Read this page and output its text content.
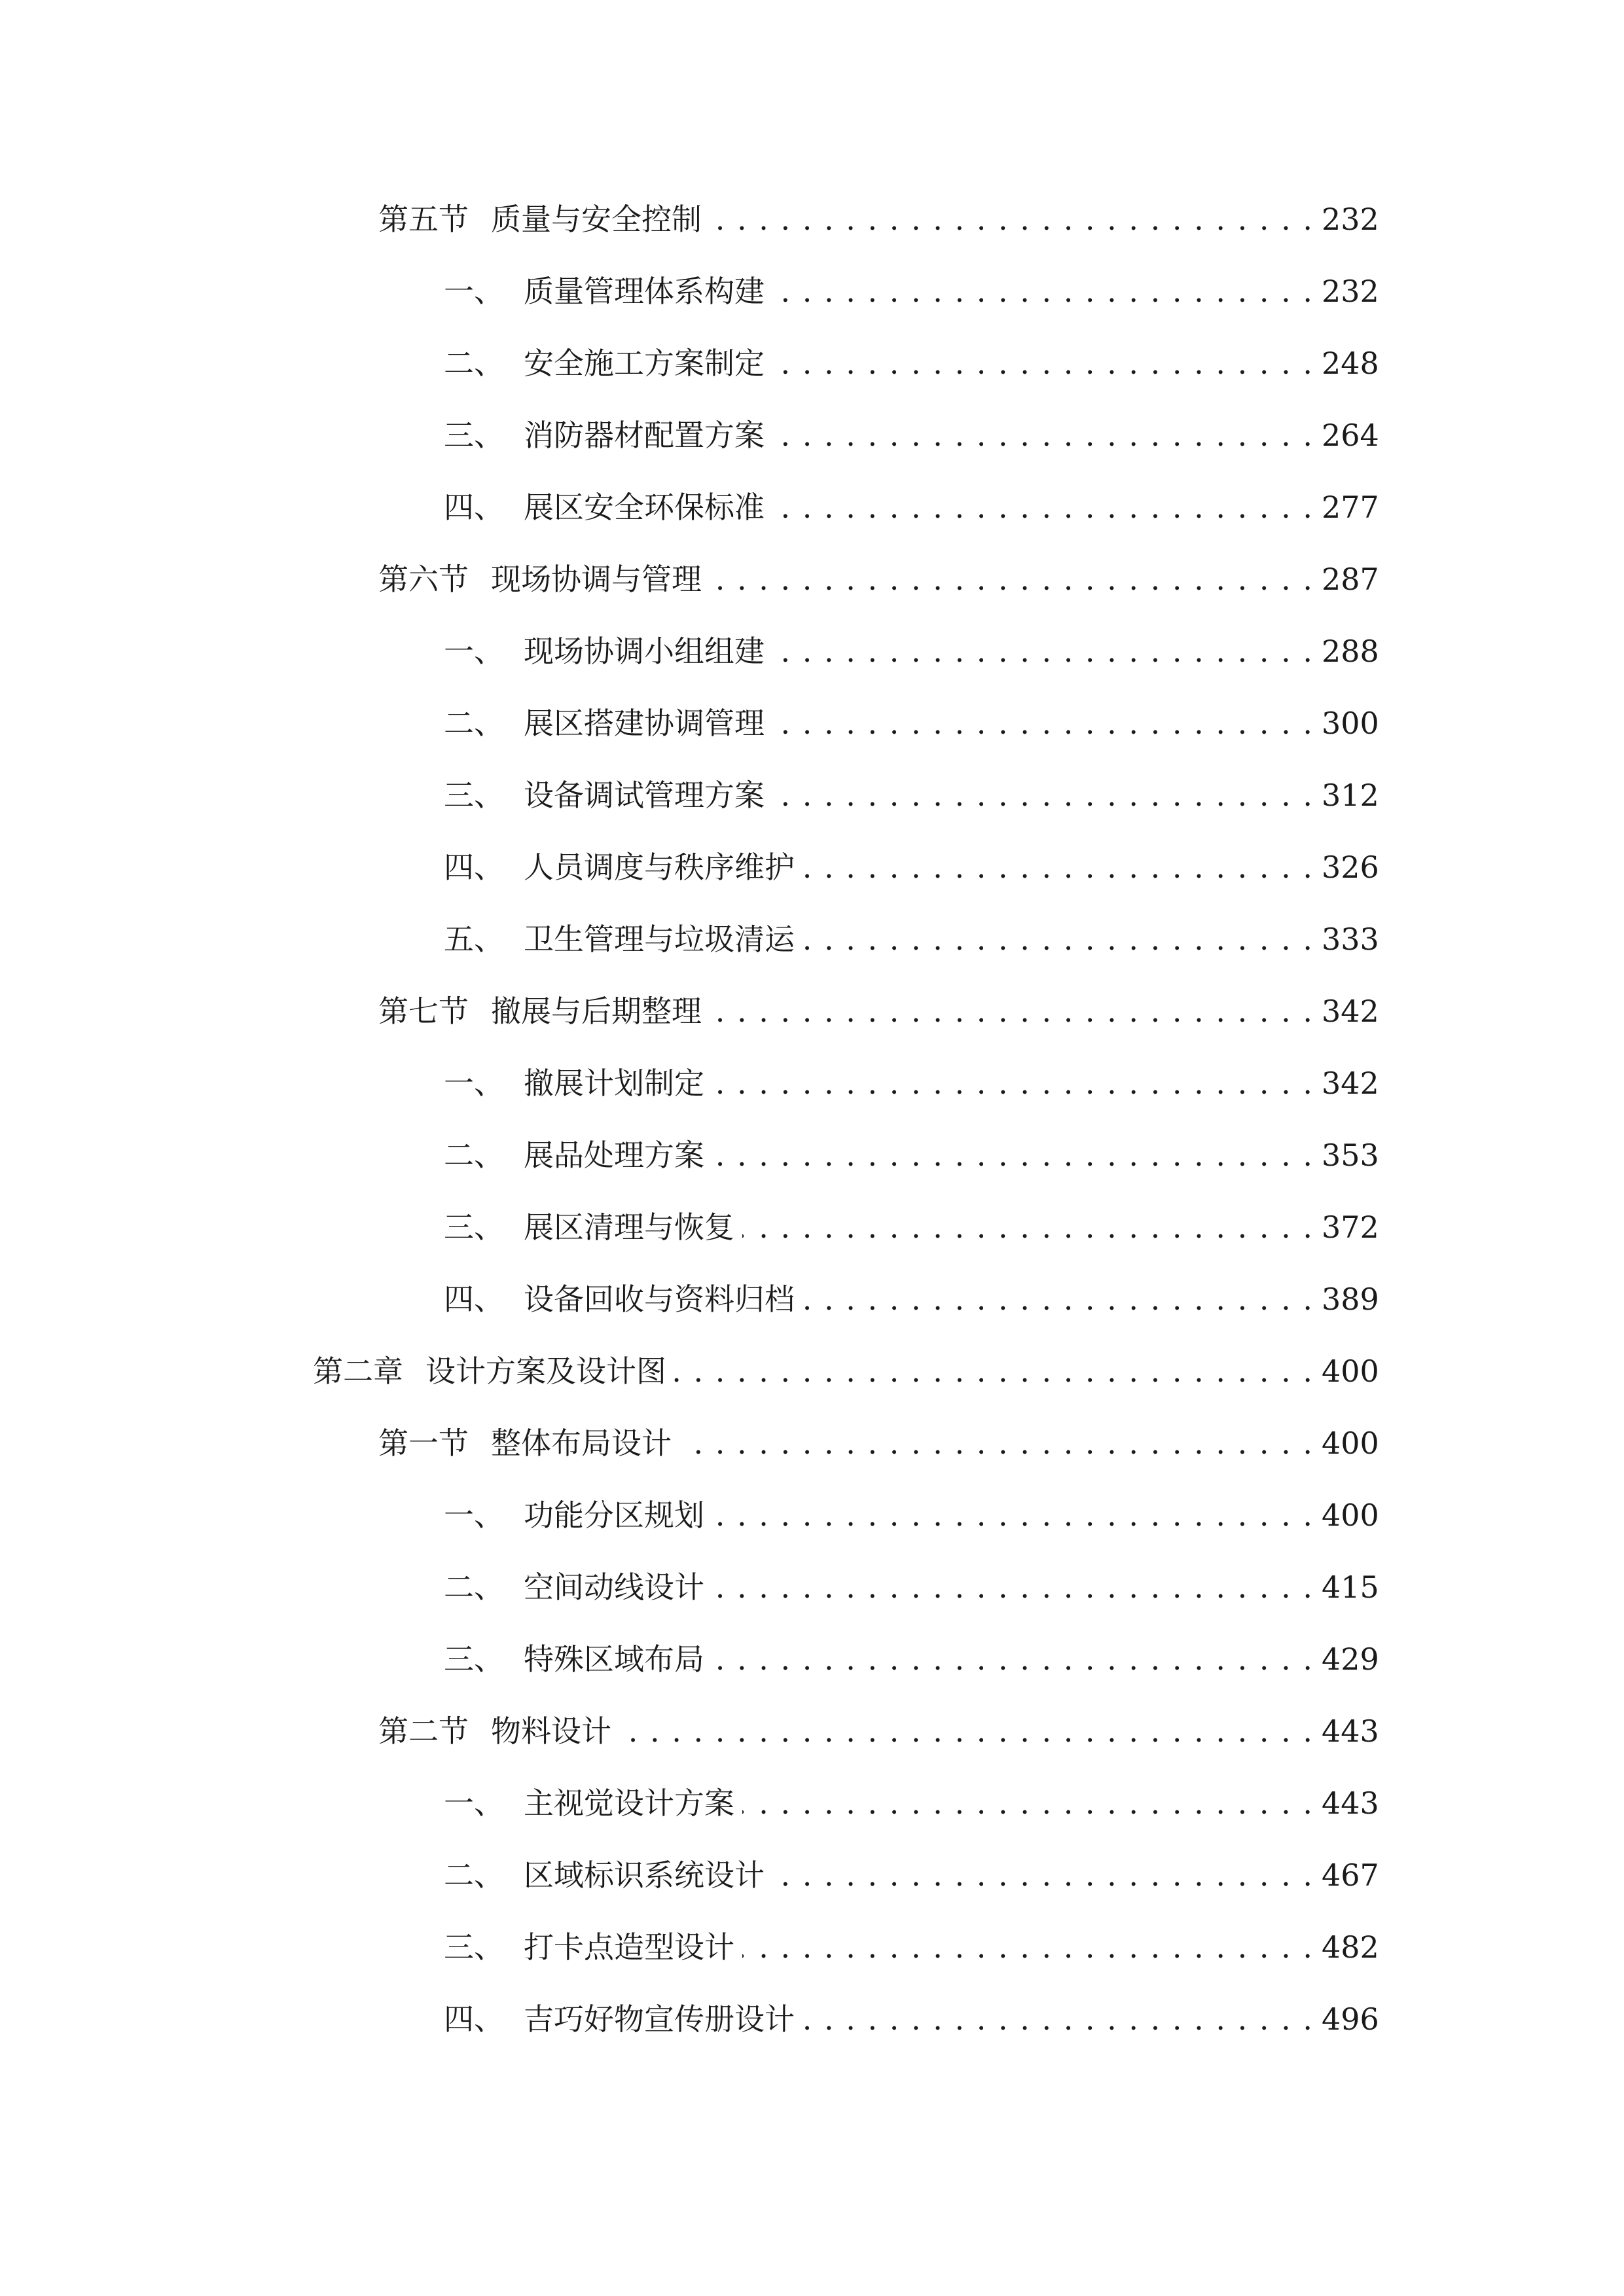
第五节 质量与安全控制 . . .	232
一、 质量管理体系构建 . . .	232
二、 安全施工方案制定 . . .	248
三、 消防器材配置方案 . . .	264
四、 展区安全环保标准 . . .	277
第六节 现场协调与管理 . . .	287
一、 现场协调小组组建 . . .	288
二、 展区搭建协调管理 . . .	300
三、 设备调试管理方案 . . .	312
四、 人员调度与秩序维护 . . .	326
五、 卫生管理与垃圾清运 . . .	333
第七节 撤展与后期整理 . . .	342
一、 撤展计划制定 . . .	342
二、 展品处理方案 . . .	353
三、 展区清理与恢复 . . .	372
四、 设备回收与资料归档 . . .	389
第二章 设计方案及设计图 . . .	400
第一节 整体布局设计 . . .	400
一、 功能分区规划 . . .	400
二、 空间动线设计 . . .	415
三、 特殊区域布局 . . .	429
第二节 物料设计 . . .	443
一、 主视觉设计方案 . . .	443
二、 区域标识系统设计 . . .	467
三、 打卡点造型设计 . . .	482
四、 吉巧好物宣传册设计 . . .	496
